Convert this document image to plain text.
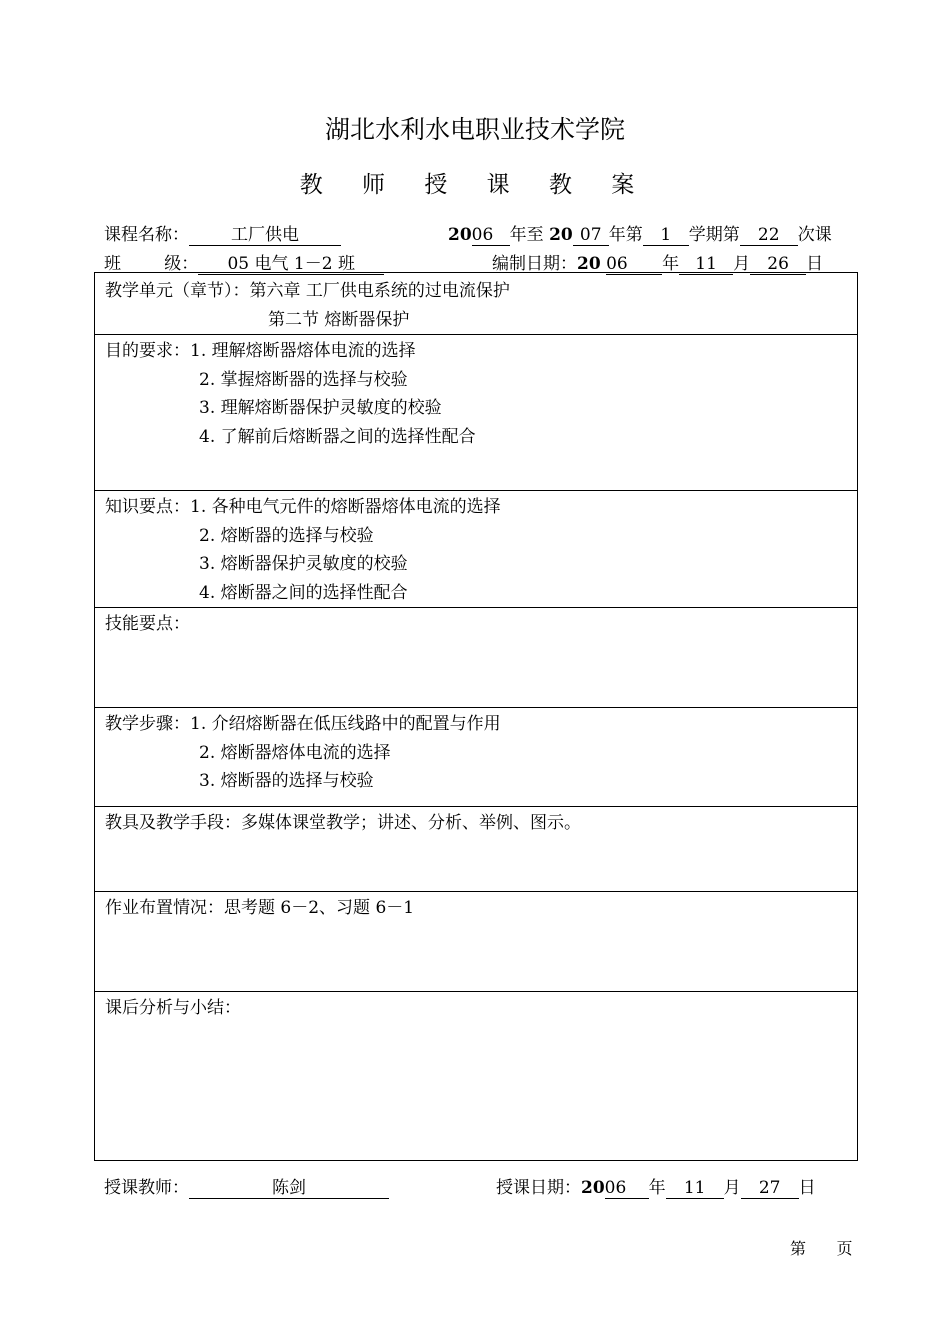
湖北水利水电职业技术学院
教 师 授 课 教 案
课程名称： 工厂供电	2006 年至 20 07 年第 1 学期第 22 次课
班        级： 05 电气 1－2 班	编制日期：20 06 年 11 月 26 日
教学单元（章节）：第六章 工厂供电系统的过电流保护
第二节 熔断器保护

目的要求：1. 理解熔断器熔体电流的选择
2. 掌握熔断器的选择与校验
3. 理解熔断器保护灵敏度的校验
4. 了解前后熔断器之间的选择性配合

知识要点：1. 各种电气元件的熔断器熔体电流的选择
2. 熔断器的选择与校验
3. 熔断器保护灵敏度的校验
4. 熔断器之间的选择性配合

技能要点：

教学步骤：1. 介绍熔断器在低压线路中的配置与作用
2. 熔断器熔体电流的选择
3. 熔断器的选择与校验

教具及教学手段：多媒体课堂教学；讲述、分析、举例、图示。

作业布置情况：思考题 6－2、习题 6－1

课后分析与小结：
授课教师：	陈剑	授课日期：2006 年 11 月 27 日
第      页
